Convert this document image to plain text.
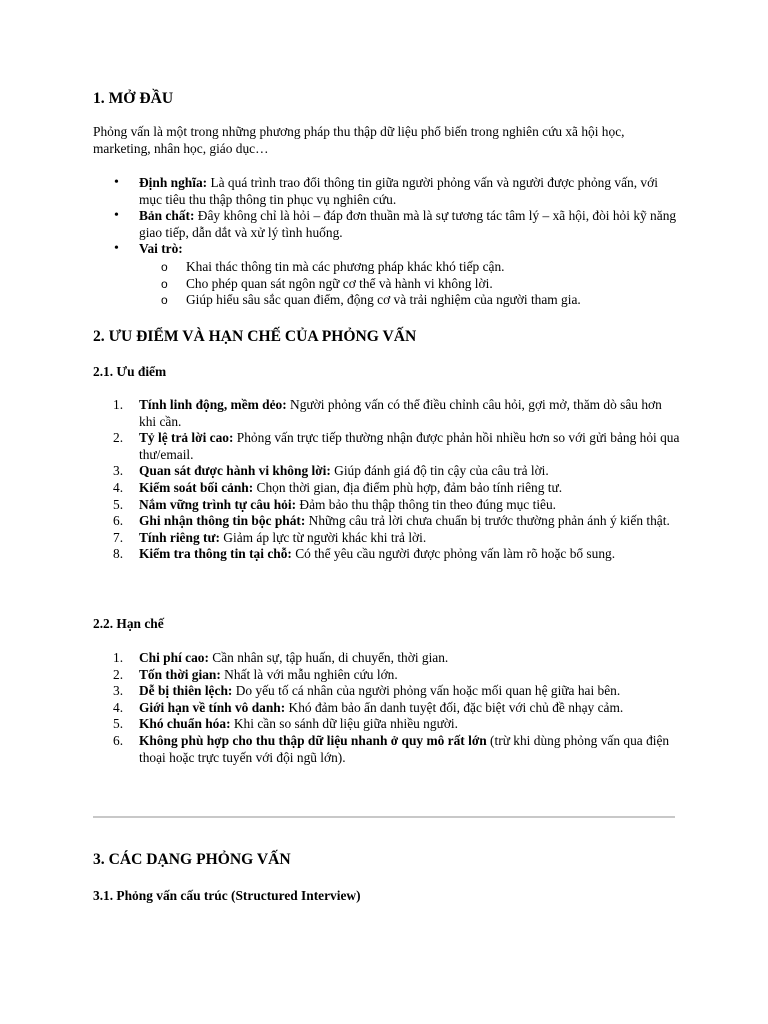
1. MỞ ĐẦU

Phỏng vấn là một trong những phương pháp thu thập dữ liệu phổ biến trong nghiên cứu xã hội học, marketing, nhân học, giáo dục…

• Định nghĩa: Là quá trình trao đổi thông tin giữa người phỏng vấn và người được phỏng vấn, với mục tiêu thu thập thông tin phục vụ nghiên cứu.
• Bản chất: Đây không chỉ là hỏi – đáp đơn thuần mà là sự tương tác tâm lý – xã hội, đòi hỏi kỹ năng giao tiếp, dẫn dắt và xử lý tình huống.
• Vai trò:
o Khai thác thông tin mà các phương pháp khác khó tiếp cận.
o Cho phép quan sát ngôn ngữ cơ thể và hành vi không lời.
o Giúp hiểu sâu sắc quan điểm, động cơ và trải nghiệm của người tham gia.
2. ƯU ĐIỂM VÀ HẠN CHẾ CỦA PHỎNG VẤN
2.1. Ưu điểm
1.	Tính linh động, mềm dẻo: Người phỏng vấn có thể điều chỉnh câu hỏi, gợi mở, thăm dò sâu hơn khi cần.
2.	Tỷ lệ trả lời cao: Phỏng vấn trực tiếp thường nhận được phản hồi nhiều hơn so với gửi bảng hỏi qua thư/email.
3.	Quan sát được hành vi không lời: Giúp đánh giá độ tin cậy của câu trả lời.
4.	Kiểm soát bối cảnh: Chọn thời gian, địa điểm phù hợp, đảm bảo tính riêng tư.
5.	Nắm vững trình tự câu hỏi: Đảm bảo thu thập thông tin theo đúng mục tiêu.
6.	Ghi nhận thông tin bộc phát: Những câu trả lời chưa chuẩn bị trước thường phản ánh ý kiến thật.
7.	Tính riêng tư: Giảm áp lực từ người khác khi trả lời.
8.	Kiểm tra thông tin tại chỗ: Có thể yêu cầu người được phỏng vấn làm rõ hoặc bổ sung.
2.2. Hạn chế
1.	Chi phí cao: Cần nhân sự, tập huấn, di chuyển, thời gian.
2.	Tốn thời gian: Nhất là với mẫu nghiên cứu lớn.
3.	Dễ bị thiên lệch: Do yếu tố cá nhân của người phỏng vấn hoặc mối quan hệ giữa hai bên.
4.	Giới hạn về tính vô danh: Khó đảm bảo ẩn danh tuyệt đối, đặc biệt với chủ đề nhạy cảm.
5.	Khó chuẩn hóa: Khi cần so sánh dữ liệu giữa nhiều người.
6.	Không phù hợp cho thu thập dữ liệu nhanh ở quy mô rất lớn (trừ khi dùng phỏng vấn qua điện thoại hoặc trực tuyến với đội ngũ lớn).
3. CÁC DẠNG PHỎNG VẤN
3.1. Phỏng vấn cấu trúc (Structured Interview)
